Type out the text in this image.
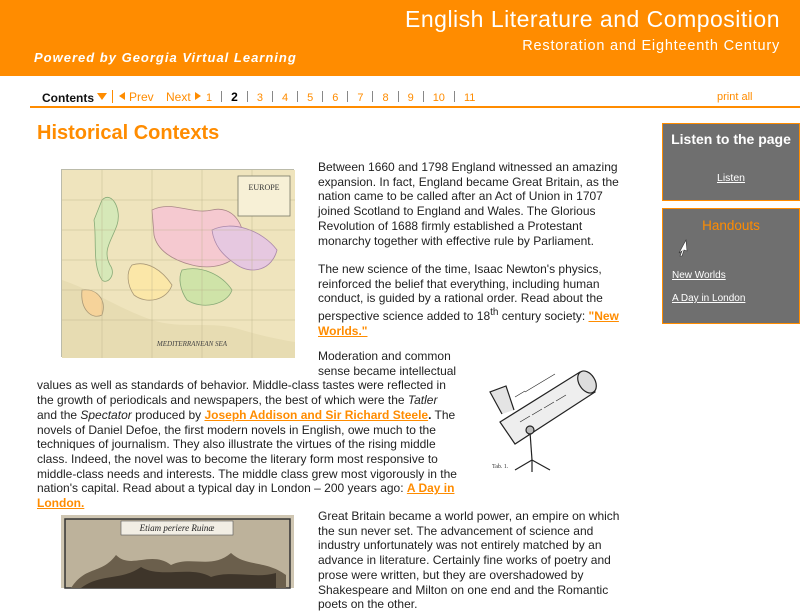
English Literature and Composition
Restoration and Eighteenth Century
Powered by Georgia Virtual Learning
Contents	Prev Next	1 2 3 4 5 6 7 8 9 10 11	print all
Historical Contexts
EUROPE
MEDITERRANEAN SEA
Between 1660 and 1798 England witnessed an amazing expansion. In fact, England became Great Britain, as the nation came to be called after an Act of Union in 1707 joined Scotland to England and Wales. The Glorious Revolution of 1688 firmly established a Protestant monarchy together with effective rule by Parliament.
The new science of the time, Isaac Newton's physics, reinforced the belief that everything, including human conduct, is guided by a rational order. Read about the perspective science added to 18th century society: "New Worlds."
Tab. 1.
Moderation and common sense became intellectual
values as well as standards of behavior. Middle-class tastes were reflected in the growth of periodicals and newspapers, the best of which were the Tatler and the Spectator produced by Joseph Addison and Sir Richard Steele. The novels of Daniel Defoe, the first modern novels in English, owe much to the techniques of journalism. They also illustrate the virtues of the rising middle class. Indeed, the novel was to become the literary form most responsive to middle-class needs and interests. The middle class grew most vigorously in the nation's capital. Read about a typical day in London – 200 years ago: A Day in London.
Etiam periere Ruinæ
Great Britain became a world power, an empire on which the sun never set. The advancement of science and industry unfortunately was not entirely matched by an advance in literature. Certainly fine works of poetry and prose were written, but they are overshadowed by Shakespeare and Milton on one end and the Romantic poets on the other.
Listen to the page
Listen
Handouts
New Worlds
A Day in London
